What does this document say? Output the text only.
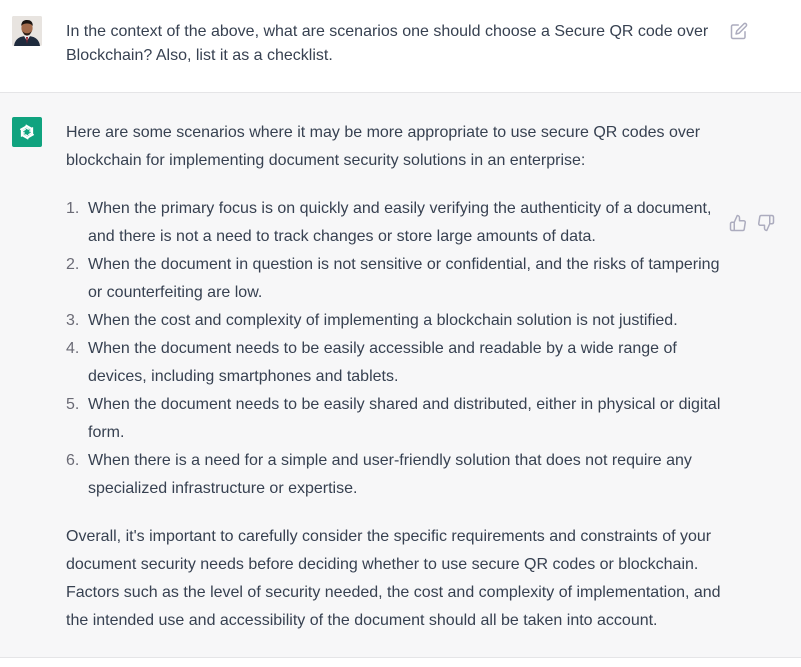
In the context of the above, what are scenarios one should choose a Secure QR code over Blockchain? Also, list it as a checklist.

Here are some scenarios where it may be more appropriate to use secure QR codes over blockchain for implementing document security solutions in an enterprise:

1. When the primary focus is on quickly and easily verifying the authenticity of a document, and there is not a need to track changes or store large amounts of data.
2. When the document in question is not sensitive or confidential, and the risks of tampering or counterfeiting are low.
3. When the cost and complexity of implementing a blockchain solution is not justified.
4. When the document needs to be easily accessible and readable by a wide range of devices, including smartphones and tablets.
5. When the document needs to be easily shared and distributed, either in physical or digital form.
6. When there is a need for a simple and user-friendly solution that does not require any specialized infrastructure or expertise.

Overall, it's important to carefully consider the specific requirements and constraints of your document security needs before deciding whether to use secure QR codes or blockchain. Factors such as the level of security needed, the cost and complexity of implementation, and the intended use and accessibility of the document should all be taken into account.
